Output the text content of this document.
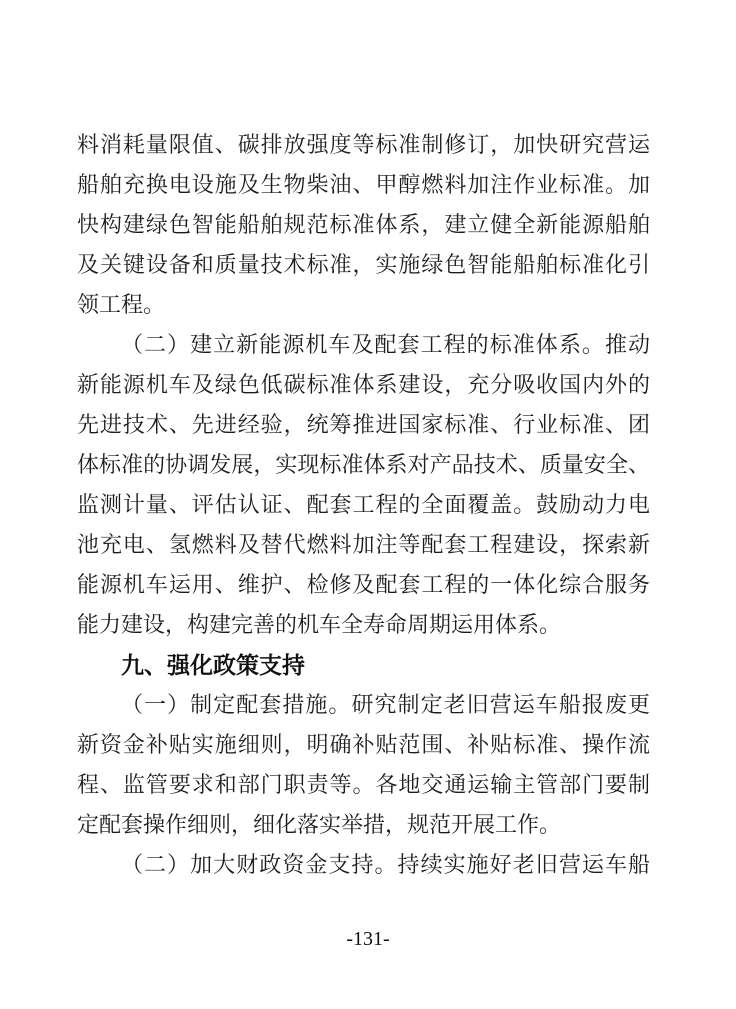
料消耗量限值、碳排放强度等标准制修订，加快研究营运
船舶充换电设施及生物柴油、甲醇燃料加注作业标准。加
快构建绿色智能船舶规范标准体系，建立健全新能源船舶
及关键设备和质量技术标准，实施绿色智能船舶标准化引
领工程。
（二）建立新能源机车及配套工程的标准体系。推动
新能源机车及绿色低碳标准体系建设，充分吸收国内外的
先进技术、先进经验，统筹推进国家标准、行业标准、团
体标准的协调发展，实现标准体系对产品技术、质量安全、
监测计量、评估认证、配套工程的全面覆盖。鼓励动力电
池充电、氢燃料及替代燃料加注等配套工程建设，探索新
能源机车运用、维护、检修及配套工程的一体化综合服务
能力建设，构建完善的机车全寿命周期运用体系。
九、强化政策支持
（一）制定配套措施。研究制定老旧营运车船报废更
新资金补贴实施细则，明确补贴范围、补贴标准、操作流
程、监管要求和部门职责等。各地交通运输主管部门要制
定配套操作细则，细化落实举措，规范开展工作。
（二）加大财政资金支持。持续实施好老旧营运车船
-131-
